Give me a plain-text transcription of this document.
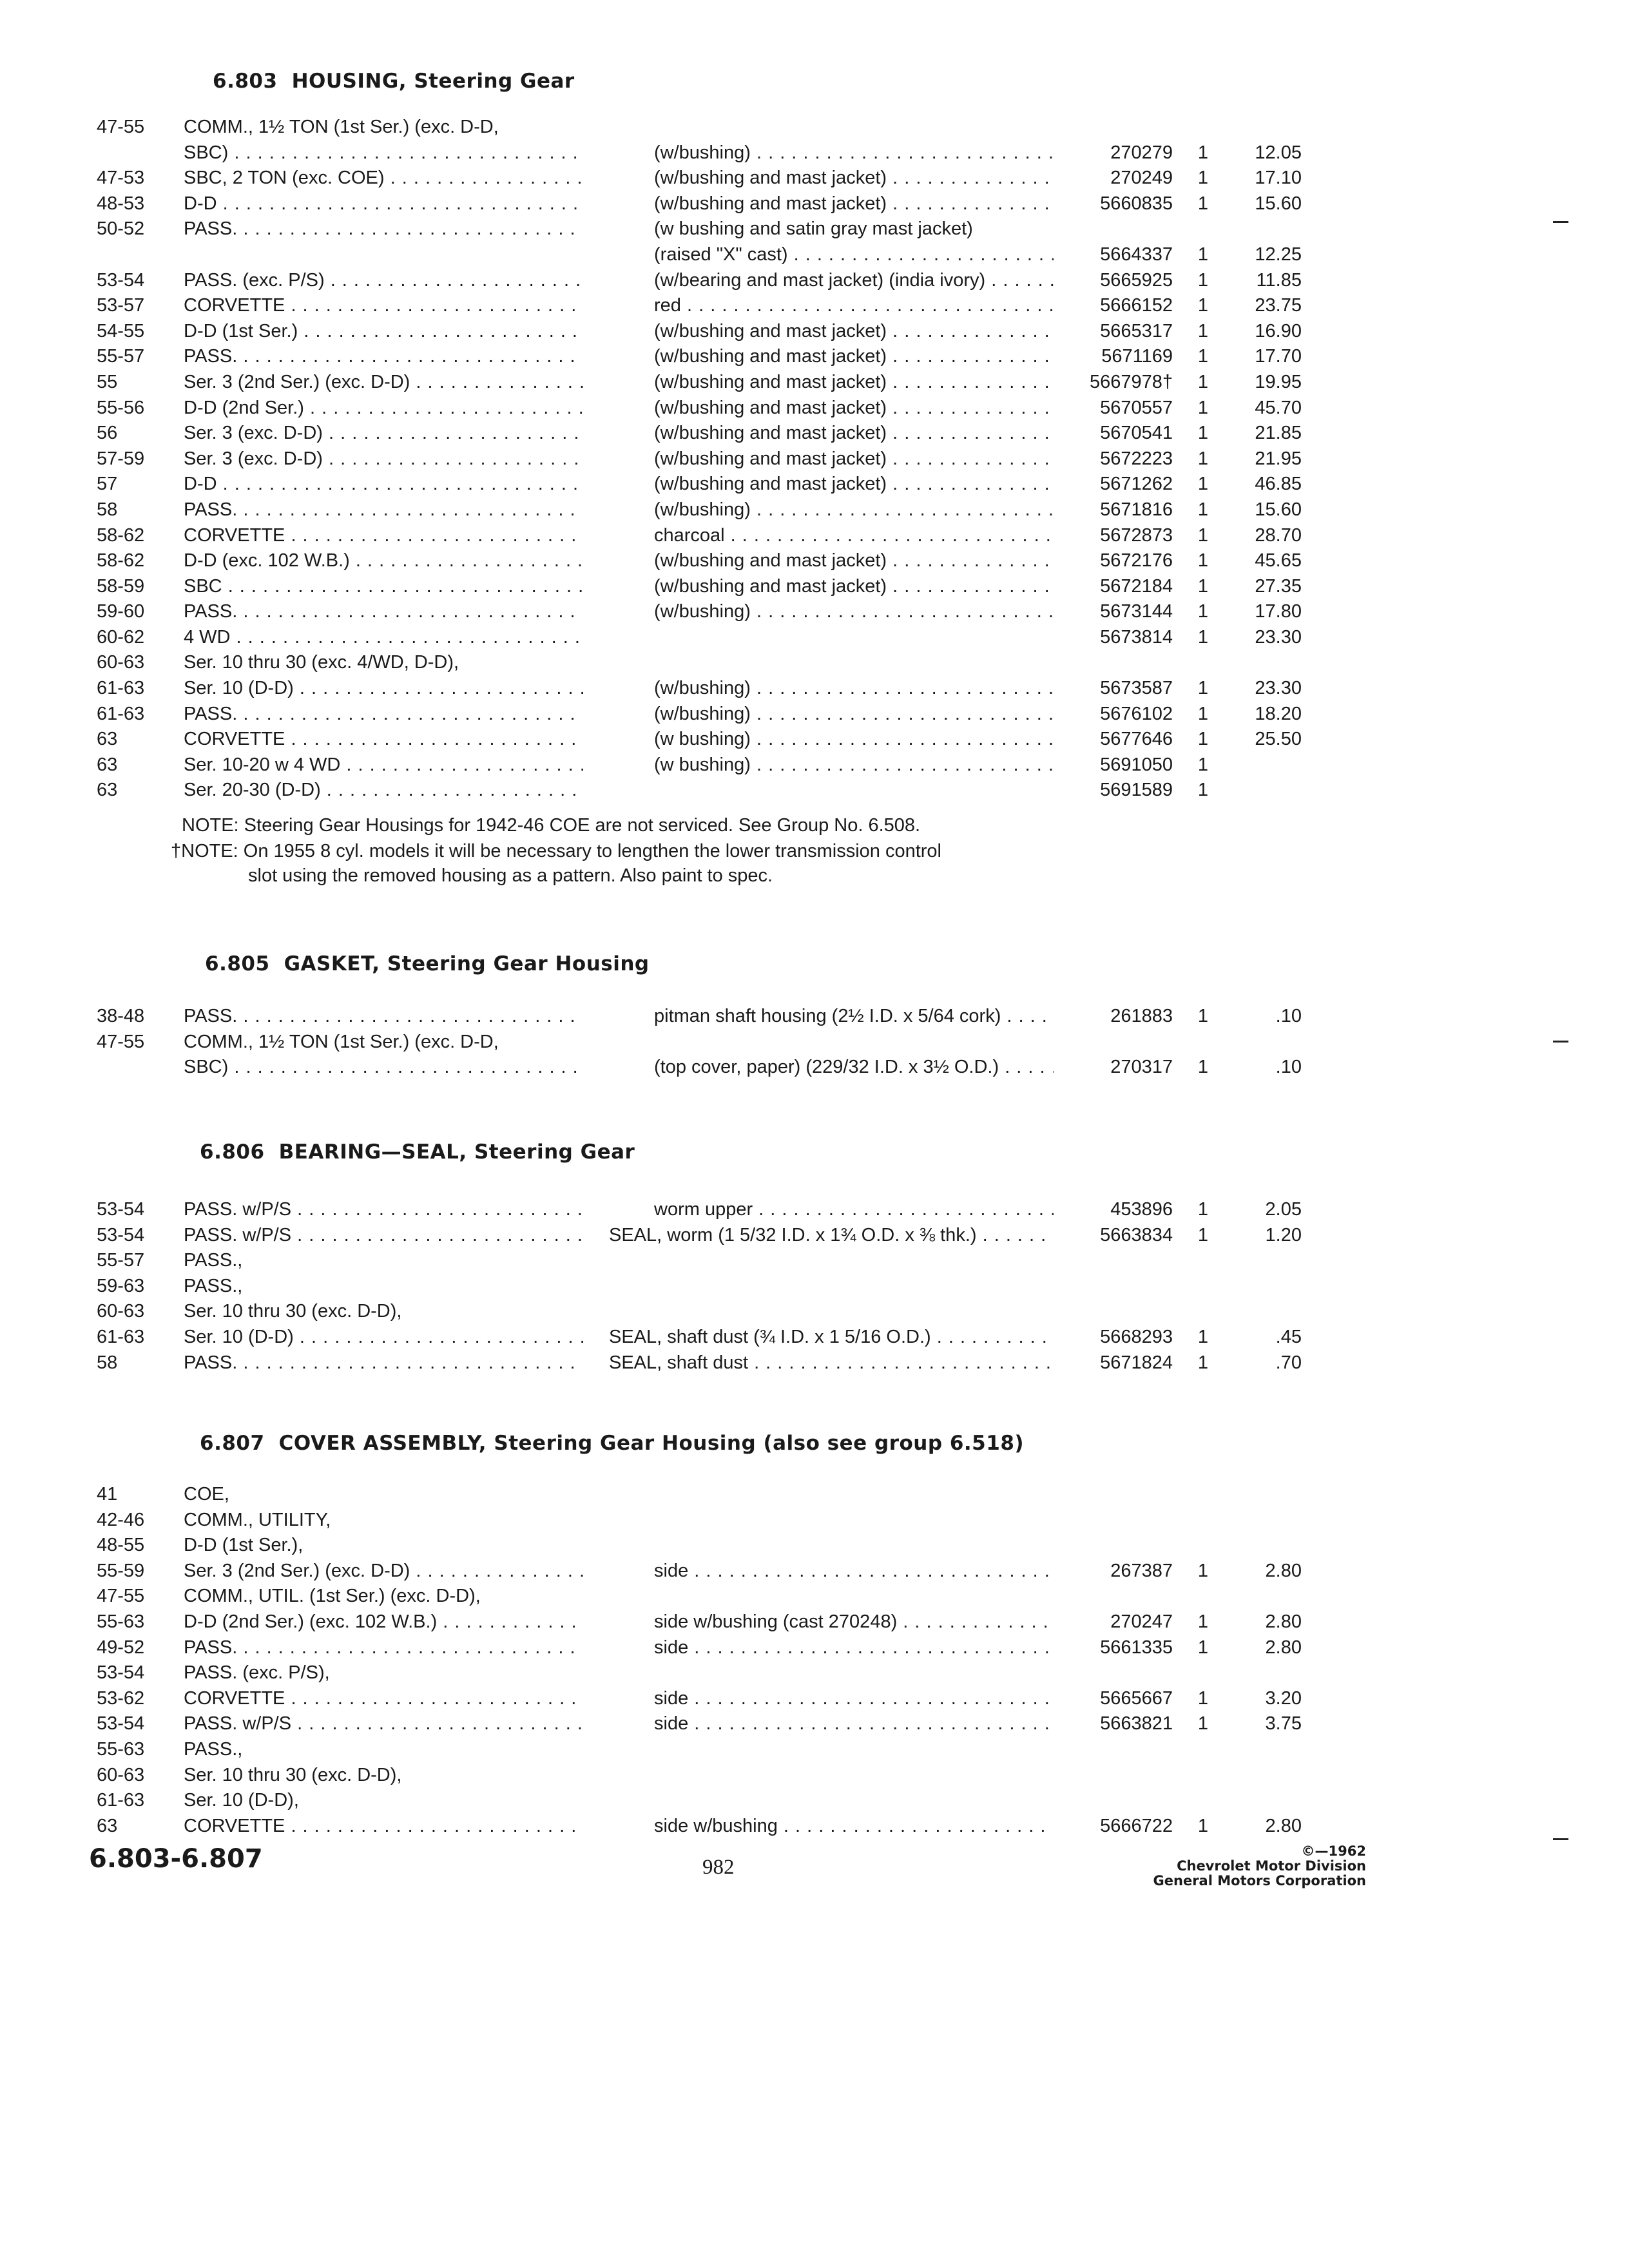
6.803 HOUSING, Steering Gear
47-55	COMM., 1½ TON (1st Ser.) (exc. D-D,
SBC) . . .	(w/bushing) . . .	270279 1	12.05
47-53	SBC, 2 TON (exc. COE) . . .	(w/bushing and mast jacket) . . .	270249 1	17.10
48-53	D-D . . .	(w/bushing and mast jacket) . . .	5660835 1	15.60
50-52	PASS. . . .	(w bushing and satin gray mast jacket)
(raised "X" cast) . . .	5664337 1	12.25
53-54	PASS. (exc. P/S) . . .	(w/bearing and mast jacket) (india ivory) . . .	5665925 1	11.85
53-57	CORVETTE . . .	red . . .	5666152 1	23.75
54-55	D-D (1st Ser.) . . .	(w/bushing and mast jacket) . . .	5665317 1	16.90
55-57	PASS. . . .	(w/bushing and mast jacket) . . .	5671169 1	17.70
55	Ser. 3 (2nd Ser.) (exc. D-D) . . .	(w/bushing and mast jacket) . . .	5667978† 1	19.95
55-56	D-D (2nd Ser.) . . .	(w/bushing and mast jacket) . . .	5670557 1	45.70
56	Ser. 3 (exc. D-D) . . .	(w/bushing and mast jacket) . . .	5670541 1	21.85
57-59	Ser. 3 (exc. D-D) . . .	(w/bushing and mast jacket) . . .	5672223 1	21.95
57	D-D . . .	(w/bushing and mast jacket) . . .	5671262 1	46.85
58	PASS. . . .	(w/bushing) . . .	5671816 1	15.60
58-62	CORVETTE . . .	charcoal . . .	5672873 1	28.70
58-62	D-D (exc. 102 W.B.) . . .	(w/bushing and mast jacket) . . .	5672176 1	45.65
58-59	SBC . . .	(w/bushing and mast jacket) . . .	5672184 1	27.35
59-60	PASS. . . .	(w/bushing) . . .	5673144 1	17.80
60-62	4 WD . . .	5673814 1	23.30
60-63	Ser. 10 thru 30 (exc. 4/WD, D-D),
61-63	Ser. 10 (D-D) . . .	(w/bushing) . . .	5673587 1	23.30
61-63	PASS. . . .	(w/bushing) . . .	5676102 1	18.20
63	CORVETTE . . .	(w bushing) . . .	5677646 1	25.50
63	Ser. 10-20 w 4 WD . . .	(w bushing) . . .	5691050 1
63	Ser. 20-30 (D-D) . . .	5691589 1
NOTE: Steering Gear Housings for 1942-46 COE are not serviced. See Group No. 6.508.
†NOTE: On 1955 8 cyl. models it will be necessary to lengthen the lower transmission control
slot using the removed housing as a pattern. Also paint to spec.
6.805 GASKET, Steering Gear Housing
38-48	PASS. . . .	pitman shaft housing (2½ I.D. x 5/64 cork) . . .	261883 1	.10
47-55	COMM., 1½ TON (1st Ser.) (exc. D-D,
SBC) . . .	(top cover, paper) (229/32 I.D. x 3½ O.D.) . . .	270317 1	.10
6.806 BEARING—SEAL, Steering Gear
53-54	PASS. w/P/S . . .	worm upper . . .	453896 1	2.05
53-54	PASS. w/P/S . . .	SEAL, worm (1 5/32 I.D. x 1¾ O.D. x ⅜ thk.) . . .	5663834 1	1.20
55-57	PASS.,
59-63	PASS.,
60-63	Ser. 10 thru 30 (exc. D-D),
61-63	Ser. 10 (D-D) . . .	SEAL, shaft dust (¾ I.D. x 1 5/16 O.D.) . . .	5668293 1	.45
58	PASS. . . .	SEAL, shaft dust . . .	5671824 1	.70
6.807 COVER ASSEMBLY, Steering Gear Housing (also see group 6.518)
41	COE,
42-46	COMM., UTILITY,
48-55	D-D (1st Ser.),
55-59	Ser. 3 (2nd Ser.) (exc. D-D) . . .	side . . .	267387 1	2.80
47-55	COMM., UTIL. (1st Ser.) (exc. D-D),
55-63	D-D (2nd Ser.) (exc. 102 W.B.) . . .	side w/bushing (cast 270248) . . .	270247 1	2.80
49-52	PASS. . . .	side . . .	5661335 1	2.80
53-54	PASS. (exc. P/S),
53-62	CORVETTE . . .	side . . .	5665667 1	3.20
53-54	PASS. w/P/S . . .	side . . .	5663821 1	3.75
55-63	PASS.,
60-63	Ser. 10 thru 30 (exc. D-D),
61-63	Ser. 10 (D-D),
63	CORVETTE . . .	side w/bushing . . .	5666722 1	2.80
6.803-6.807	982
©—1962
Chevrolet Motor Division
General Motors Corporation
